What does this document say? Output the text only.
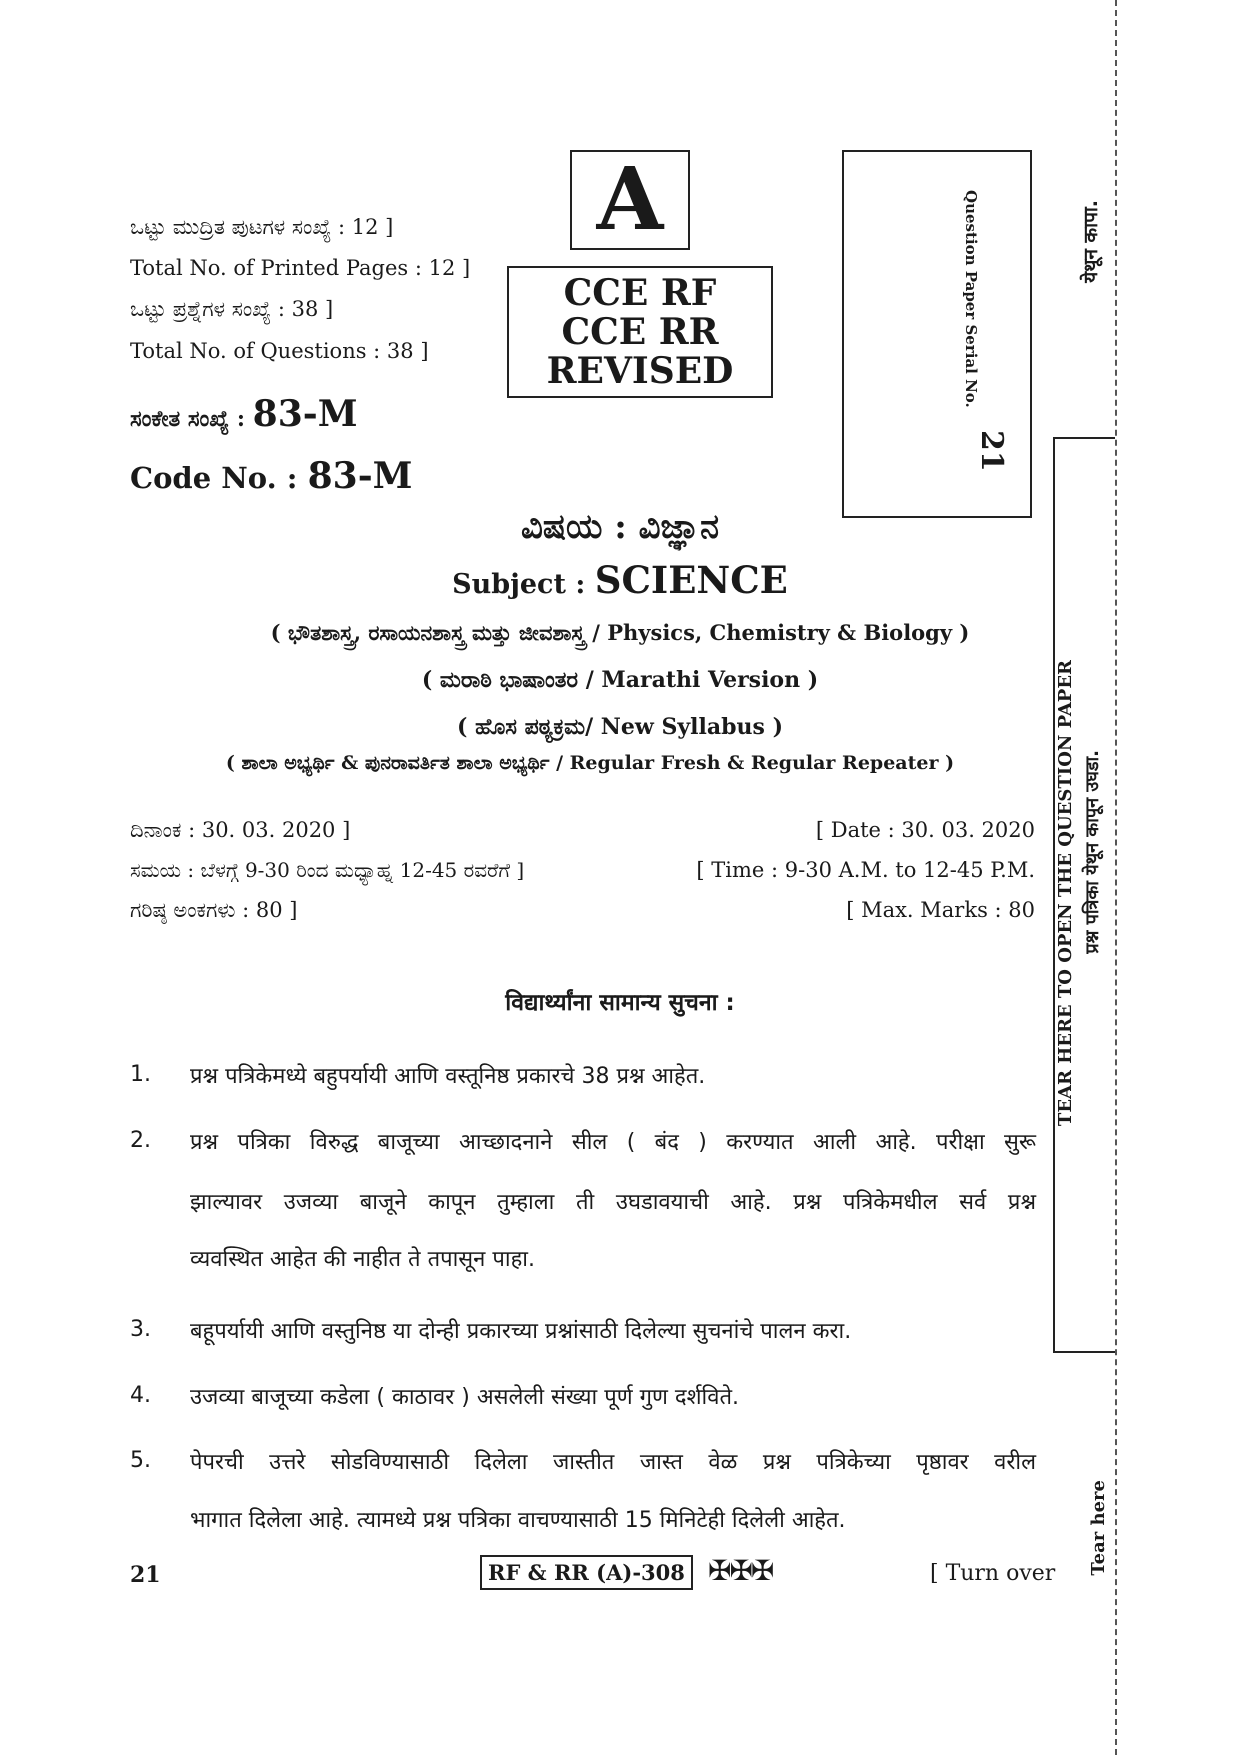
ಒಟ್ಟು ಮುದ್ರಿತ ಪುಟಗಳ ಸಂಖ್ಯೆ : 12 ]
Total No. of Printed Pages : 12 ]
ಒಟ್ಟು ಪ್ರಶ್ನೆಗಳ ಸಂಖ್ಯೆ : 38 ]
Total No. of Questions : 38 ]
ಸಂಕೇತ ಸಂಖ್ಯೆ : 83-M
Code No. : 83-M
A
CCE RF
CCE RR
REVISED	Question Paper Serial No.
21
ವಿಷಯ : ವಿಜ್ಞಾನ
Subject : SCIENCE
( ಭೌತಶಾಸ್ತ್ರ, ರಸಾಯನಶಾಸ್ತ್ರ ಮತ್ತು ಜೀವಶಾಸ್ತ್ರ / Physics, Chemistry & Biology )
( ಮರಾಠಿ ಭಾಷಾಂತರ / Marathi Version )
( ಹೊಸ ಪಠ್ಯಕ್ರಮ/ New Syllabus )
( ಶಾಲಾ ಅಭ್ಯರ್ಥಿ & ಪುನರಾವರ್ತಿತ ಶಾಲಾ ಅಭ್ಯರ್ಥಿ / Regular Fresh & Regular Repeater )
ದಿನಾಂಕ : 30. 03. 2020 ]	[ Date : 30. 03. 2020
ಸಮಯ : ಬೆಳಗ್ಗೆ 9-30 ರಿಂದ ಮಧ್ಯಾಹ್ನ 12-45 ರವರೆಗೆ ]	[ Time : 9-30 A.M. to 12-45 P.M.
ಗರಿಷ್ಠ ಅಂಕಗಳು : 80 ]	[ Max. Marks : 80
विद्यार्थ्यांना सामान्य सुचना :
1. प्रश्न पत्रिकेमध्ये बहुपर्यायी आणि वस्तूनिष्ठ प्रकारचे 38 प्रश्न आहेत.
2. प्रश्न पत्रिका विरुद्ध बाजूच्या आच्छादनाने सील ( बंद ) करण्यात आली आहे. परीक्षा सुरू
झाल्यावर उजव्या बाजूने कापून तुम्हाला ती उघडावयाची आहे. प्रश्न पत्रिकेमधील सर्व प्रश्न
व्यवस्थित आहेत की नाहीत ते तपासून पाहा.
3. बहूपर्यायी आणि वस्तुनिष्ठ या दोन्ही प्रकारच्या प्रश्नांसाठी दिलेल्या सुचनांचे पालन करा.
4. उजव्या बाजूच्या कडेला ( काठावर ) असलेली संख्या पूर्ण गुण दर्शविते.
5. पेपरची उत्तरे सोडविण्यासाठी दिलेला जास्तीत जास्त वेळ प्रश्न पत्रिकेच्या पृष्ठावर वरील
भागात दिलेला आहे. त्यामध्ये प्रश्न पत्रिका वाचण्यासाठी 15 मिनिटेही दिलेली आहेत.
21	RF & RR (A)-308 ✠✠✠	[ Turn over
येथून कापा.
TEAR HERE TO OPEN THE QUESTION PAPER प्रश्न पत्रिका येथून कापून उघडा.
Tear here
